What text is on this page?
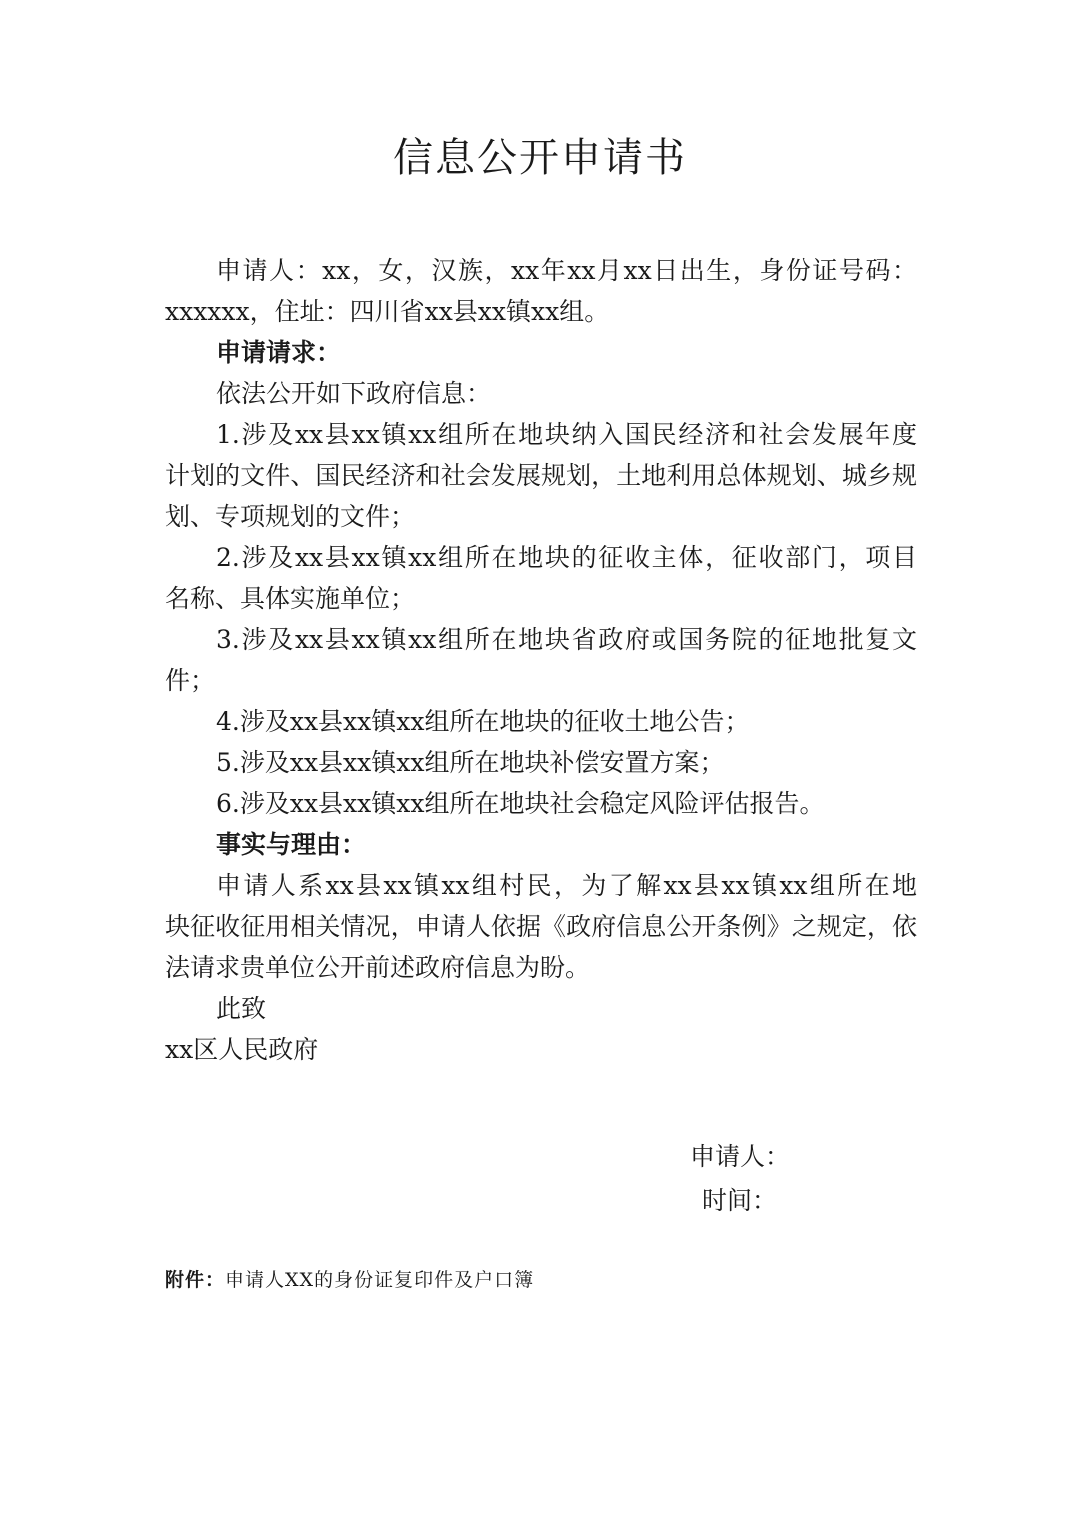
信息公开申请书

申请人：xx，女，汉族，xx年xx月xx日出生，身份证号码：
xxxxxx，住址：四川省xx县xx镇xx组。

申请请求：

依法公开如下政府信息：

1.涉及xx县xx镇xx组所在地块纳入国民经济和社会发展年度
计划的文件、国民经济和社会发展规划，土地利用总体规划、城乡规
划、专项规划的文件；

2.涉及xx县xx镇xx组所在地块的征收主体，征收部门，项目
名称、具体实施单位；

3.涉及xx县xx镇xx组所在地块省政府或国务院的征地批复文
件；

4.涉及xx县xx镇xx组所在地块的征收土地公告；

5.涉及xx县xx镇xx组所在地块补偿安置方案；

6.涉及xx县xx镇xx组所在地块社会稳定风险评估报告。

事实与理由：

申请人系xx县xx镇xx组村民，为了解xx县xx镇xx组所在地
块征收征用相关情况，申请人依据《政府信息公开条例》之规定，依
法请求贵单位公开前述政府信息为盼。

此致

xx区人民政府

申请人：
时间：
附件：申请人XX的身份证复印件及户口簿
